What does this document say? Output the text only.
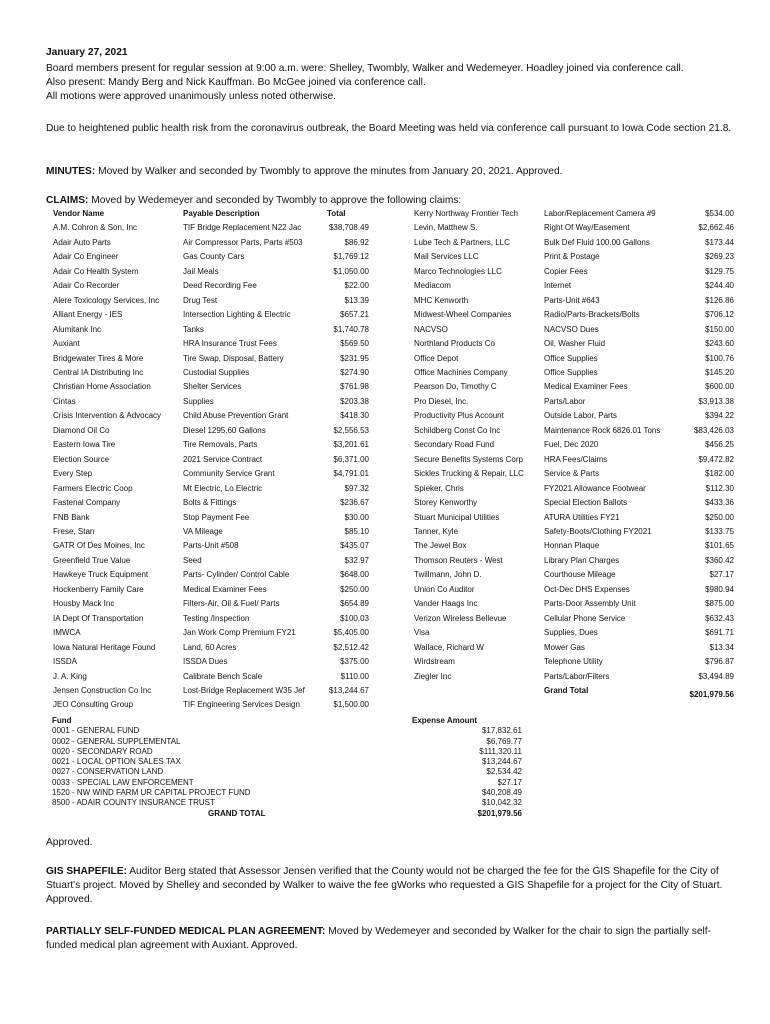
January 27, 2021
Board members present for regular session at 9:00 a.m. were: Shelley, Twombly, Walker and Wedemeyer. Hoadley joined via conference call.
Also present: Mandy Berg and Nick Kauffman. Bo McGee joined via conference call.
All motions were approved unanimously unless noted otherwise.
Due to heightened public health risk from the coronavirus outbreak, the Board Meeting was held via conference call pursuant to Iowa Code section 21.8.
MINUTES: Moved by Walker and seconded by Twombly to approve the minutes from January 20, 2021. Approved.
CLAIMS: Moved by Wedemeyer and seconded by Twombly to approve the following claims:
Vendor Name	Payable Description	Total
A.M. Cohron & Son, Inc	TIF Bridge Replacement N22 Jac	$38,708.49
Adair Auto Parts	Air Compressor Parts, Parts #503	$86.92
Adair Co Engineer	Gas County Cars	$1,769.12
Adair Co Health System	Jail Meals	$1,050.00
Adair Co Recorder	Deed Recording Fee	$22.00
Alere Toxicology Services, Inc	Drug Test	$13.39
Alliant Energy - IES	Intersection Lighting & Electric	$657.21
Alumitank Inc	Tanks	$1,740.78
Auxiant	HRA Insurance Trust Fees	$569.50
Bridgewater Tires & More	Tire Swap, Disposal, Battery	$231.95
Central IA Distributing Inc	Custodial Supplies	$274.90
Christian Home Association	Shelter Services	$761.98
Cintas	Supplies	$203.38
Crisis Intervention & Advocacy	Child Abuse Prevention Grant	$418.30
Diamond Oil Co	Diesel 1295.60 Gallons	$2,556.53
Eastern Iowa Tire	Tire Removals, Parts	$3,201.61
Election Source	2021 Service Contract	$6,371.00
Every Step	Community Service Grant	$4,791.01
Farmers Electric Coop	Mt Electric, Lo Electric	$97.32
Fastenal Company	Bolts & Fittings	$236.67
FNB Bank	Stop Payment Fee	$30.00
Frese, Stan	VA Mileage	$85.10
GATR Of Des Moines, Inc	Parts-Unit #508	$435.07
Greenfield True Value	Seed	$32.97
Hawkeye Truck Equipment	Parts- Cylinder/ Control Cable	$648.00
Hockenberry Family Care	Medical Examiner Fees	$250.00
Housby Mack Inc	Filters-Air, Oil & Fuel/ Parts	$654.89
IA Dept Of Transportation	Testing /Inspection	$100.03
IMWCA	Jan Work Comp Premium FY21	$5,405.00
Iowa Natural Heritage Found	Land, 60 Acres	$2,512.42
ISSDA	ISSDA Dues	$375.00
J. A. King	Calibrate Bench Scale	$110.00
Jensen Construction Co Inc	Lost-Bridge Replacement W35 Jef	$13,244.67
JEO Consulting Group	TIF Engineering Services Design	$1,500.00
Kerry Northway Frontier Tech	Labor/Replacement Camera #9	$534.00
Levin, Matthew S.	Right Of Way/Easement	$2,662.46
Lube Tech & Partners, LLC	Bulk Def Fluid 100.00 Gallons	$173.44
Mail Services LLC	Print & Postage	$269.23
Marco Technologies LLC	Copier Fees	$129.75
Mediacom	Internet	$244.40
MHC Kenworth	Parts-Unit #643	$126.86
Midwest-Wheel Companies	Radio/Parts-Brackets/Bolts	$706.12
NACVSO	NACVSO Dues	$150.00
Northland Products Co	Oil, Washer Fluid	$243.60
Office Depot	Office Supplies	$100.76
Office Machines Company	Office Supplies	$145.20
Pearson Do, Timothy C	Medical Examiner Fees	$600.00
Pro Diesel, Inc.	Parts/Labor	$3,913.38
Productivity Plus Account	Outside Labor, Parts	$394.22
Schildberg Const Co Inc	Maintenance Rock 6826.01 Tons	$83,426.03
Secondary Road Fund	Fuel, Dec 2020	$456.25
Secure Benefits Systems Corp	HRA Fees/Claims	$9,472.82
Sickles Trucking & Repair, LLC	Service & Parts	$182.00
Spieker, Chris	FY2021 Allowance Footwear	$112.30
Storey Kenworthy	Special Election Ballots	$433.36
Stuart Municipal Utilities	ATURA Utilities FY21	$250.00
Tanner, Kyle	Safety-Boots/Clothing FY2021	$133.75
The Jewel Box	Honnan Plaque	$101.65
Thomson Reuters - West	Library Plan Charges	$360.42
Twillmann, John D.	Courthouse Mileage	$27.17
Union Co Auditor	Oct-Dec DHS Expenses	$980.94
Vander Haags Inc	Parts-Door Assembly Unit	$875.00
Verizon Wireless Bellevue	Cellular Phone Service	$632.43
Visa	Supplies, Dues	$691.71
Wallace, Richard W	Mower Gas	$13.34
Wirdstream	Telephone Utility	$796.87
Ziegler Inc	Parts/Labor/Filters	$3,494.89
Grand Total	$201,979.56
Fund	Expense Amount
0001 - GENERAL FUND	$17,832.61
0002 - GENERAL SUPPLEMENTAL	$6,769.77
0020 - SECONDARY ROAD	$111,320.11
0021 - LOCAL OPTION SALES TAX	$13,244.67
0027 - CONSERVATION LAND	$2,534.42
0033 - SPECIAL LAW ENFORCEMENT	$27.17
1520 - NW WIND FARM UR CAPITAL PROJECT FUND	$40,208.49
8500 - ADAIR COUNTY INSURANCE TRUST	$10,042.32
GRAND TOTAL	$201,979.56
Approved.
GIS SHAPEFILE: Auditor Berg stated that Assessor Jensen verified that the County would not be charged the fee for the GIS Shapefile for the City of Stuart's project. Moved by Shelley and seconded by Walker to waive the fee gWorks who requested a GIS Shapefile for a project for the City of Stuart. Approved.
PARTIALLY SELF-FUNDED MEDICAL PLAN AGREEMENT: Moved by Wedemeyer and seconded by Walker for the chair to sign the partially self-funded medical plan agreement with Auxiant. Approved.
